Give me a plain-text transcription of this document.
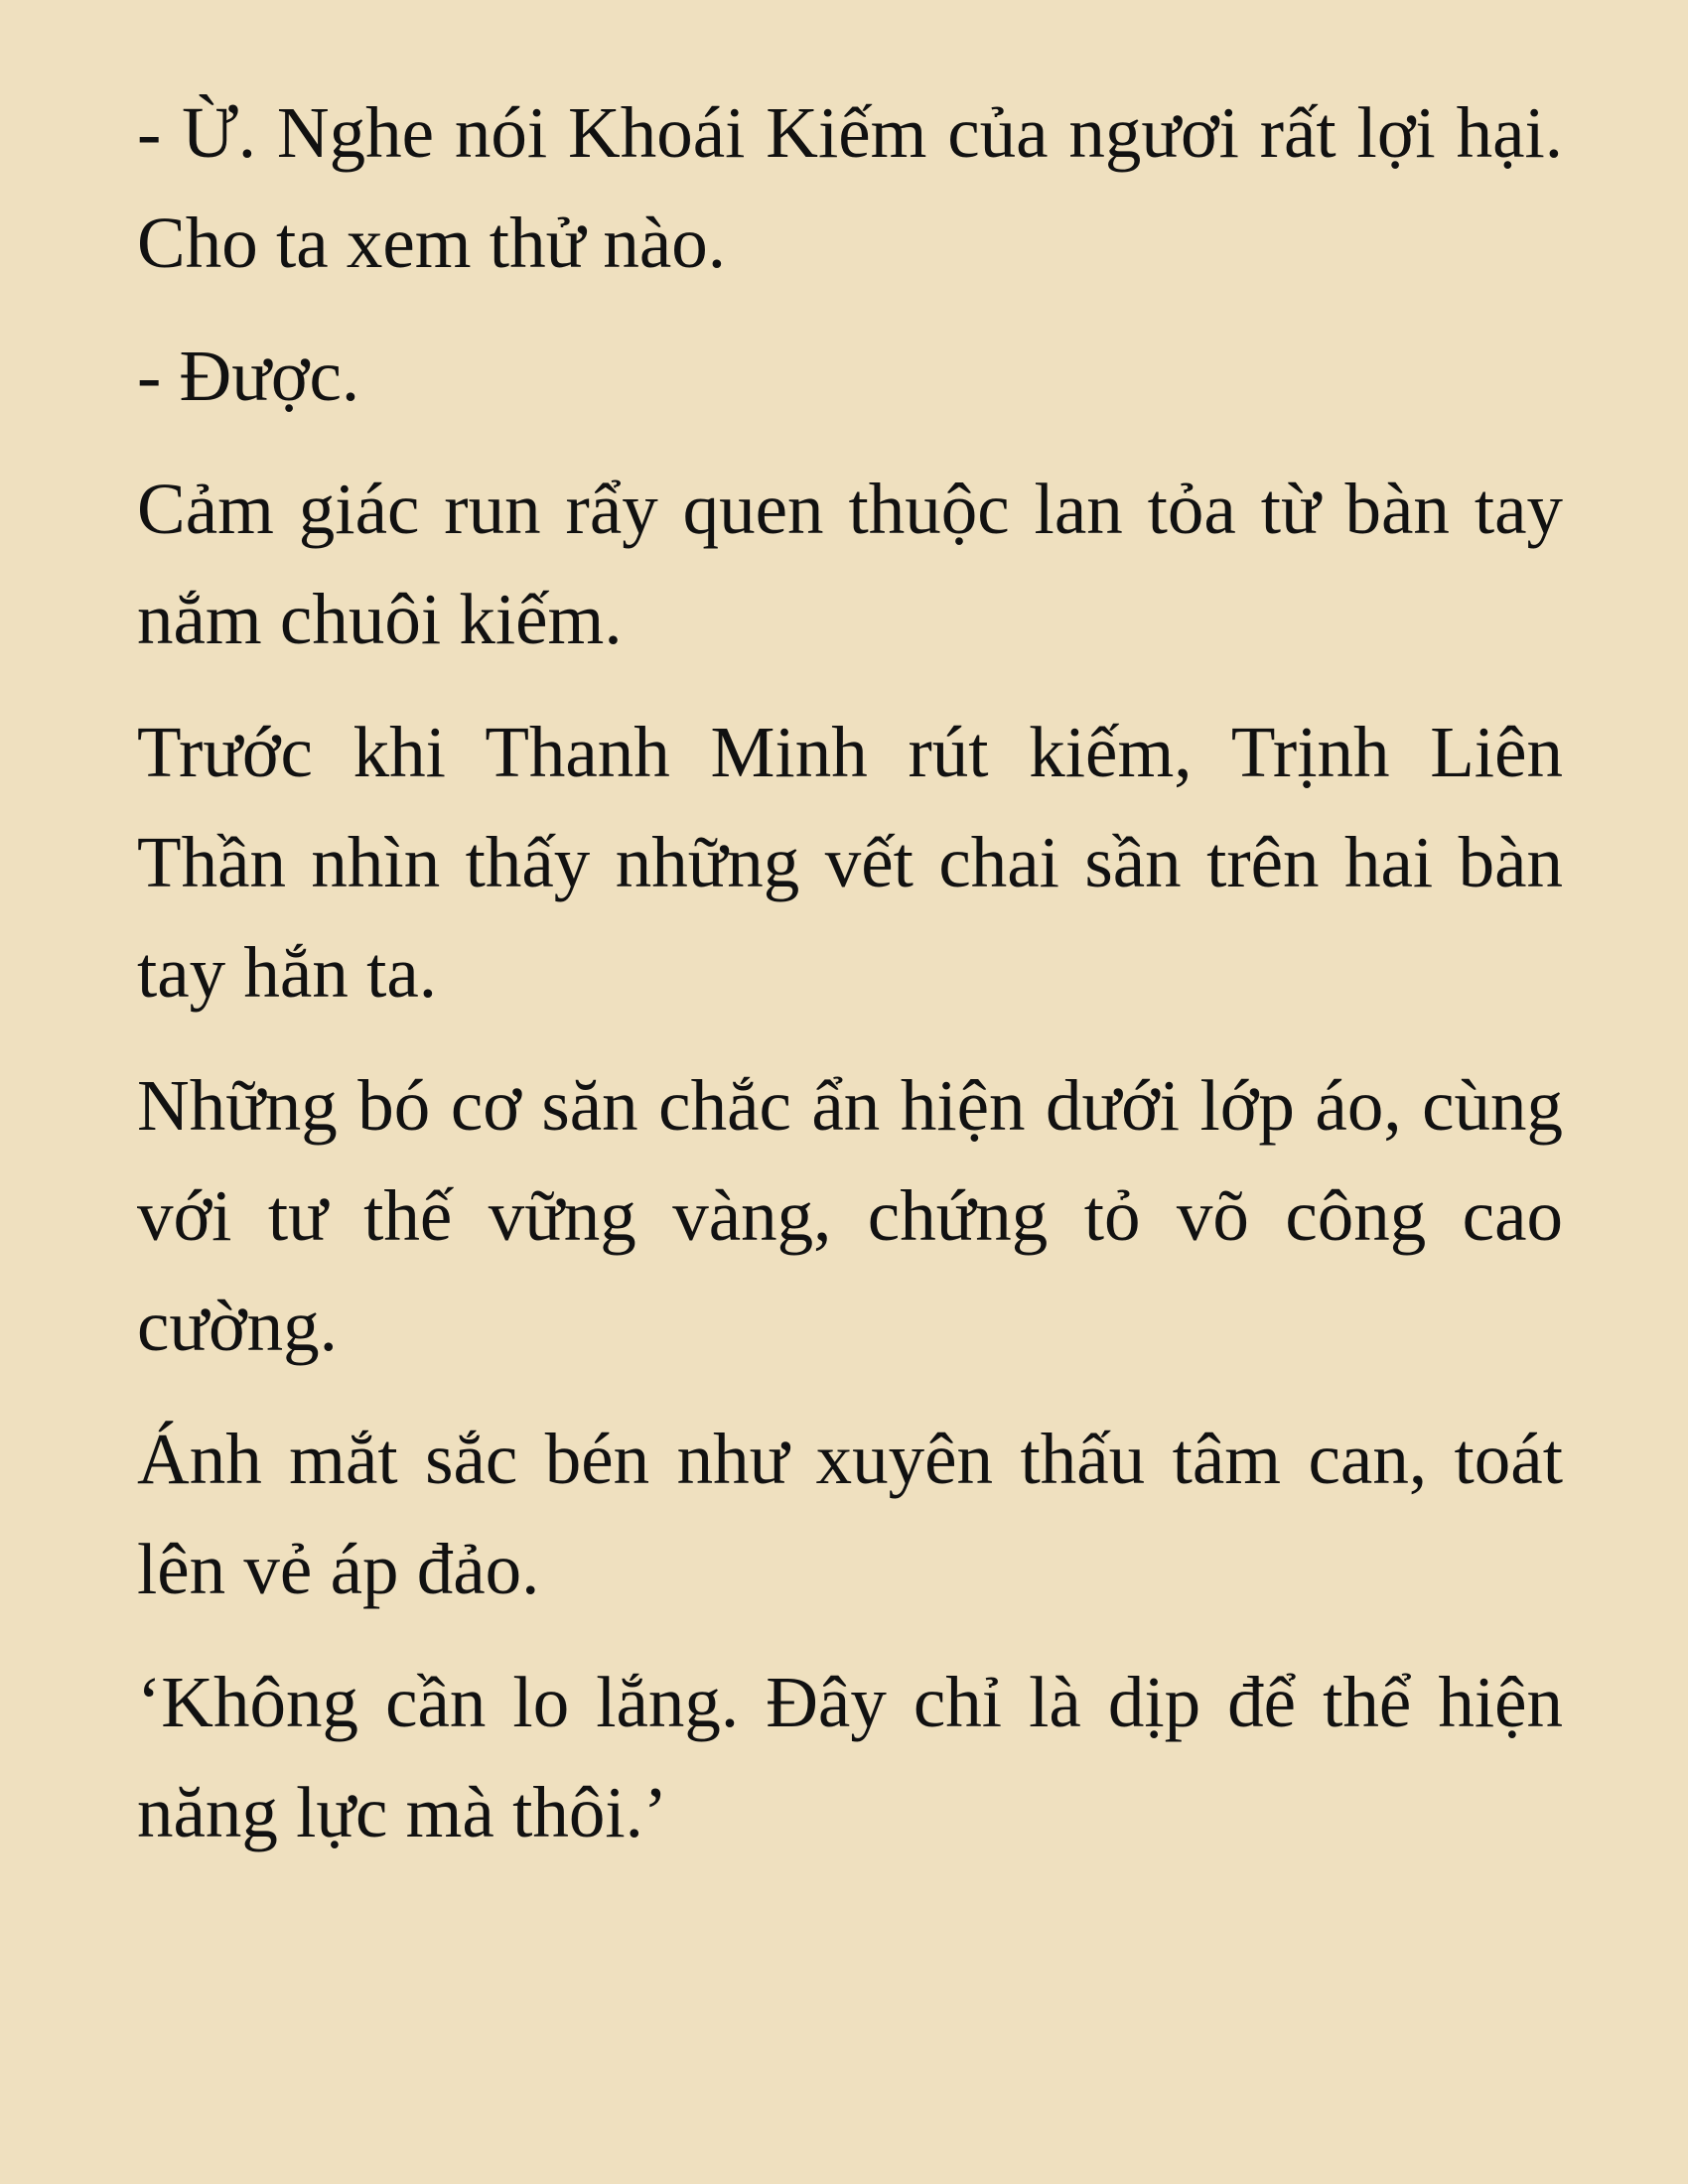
- Ừ. Nghe nói Khoái Kiếm của ngươi rất lợi hại. Cho ta xem thử nào.

- Được.

Cảm giác run rẩy quen thuộc lan tỏa từ bàn tay nắm chuôi kiếm.

Trước khi Thanh Minh rút kiếm, Trịnh Liên Thần nhìn thấy những vết chai sần trên hai bàn tay hắn ta.

Những bó cơ săn chắc ẩn hiện dưới lớp áo, cùng với tư thế vững vàng, chứng tỏ võ công cao cường.

Ánh mắt sắc bén như xuyên thấu tâm can, toát lên vẻ áp đảo.

‘Không cần lo lắng. Đây chỉ là dịp để thể hiện năng lực mà thôi.’
